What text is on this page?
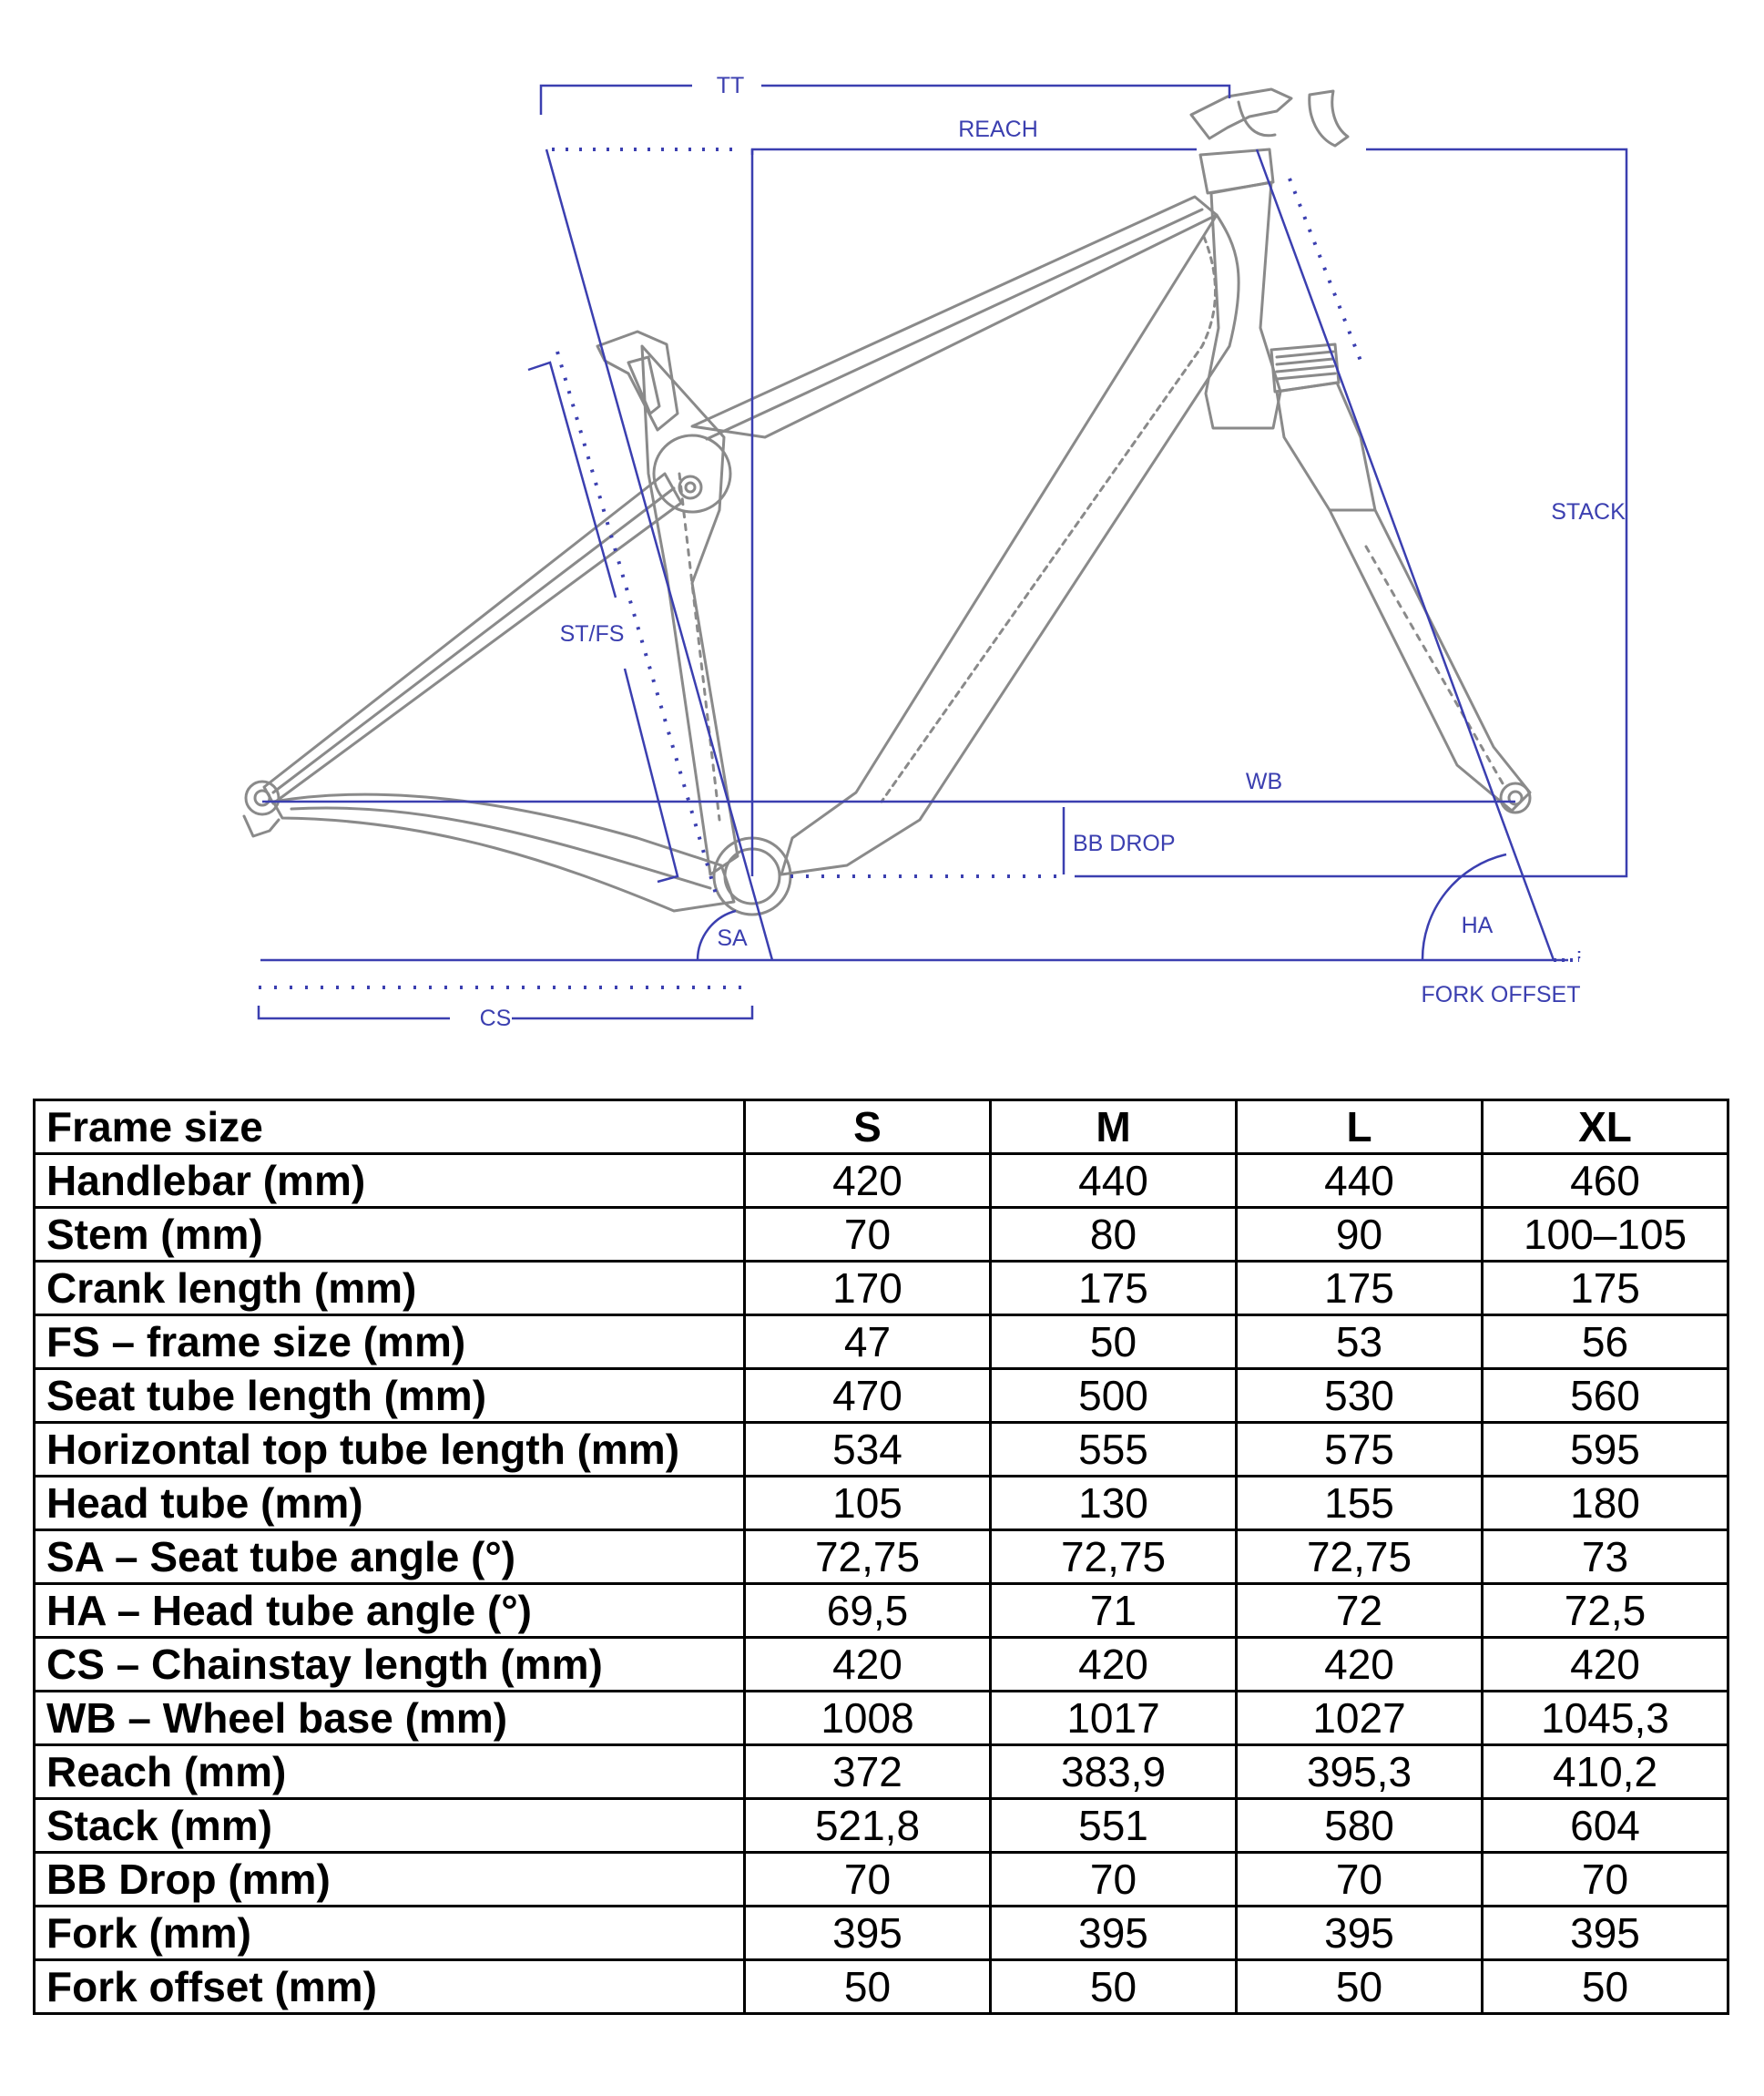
TT
REACH
STACK
ST/FS
WB
BB DROP
SA	HA
FORK OFFSET
CS
Frame size	S	M	L	XL
Handlebar (mm)	420	440	440	460
Stem (mm)	70	80	90	100–105
Crank length (mm)	170	175	175	175
FS – frame size (mm)	47	50	53	56
Seat tube length (mm)	470	500	530	560
Horizontal top tube length (mm)	534	555	575	595
Head tube (mm)	105	130	155	180
SA – Seat tube angle (°)	72,75	72,75	72,75	73
HA – Head tube angle (°)	69,5	71	72	72,5
CS – Chainstay length (mm)	420	420	420	420
WB – Wheel base (mm)	1008	1017	1027	1045,3
Reach (mm)	372	383,9	395,3	410,2
Stack (mm)	521,8	551	580	604
BB Drop (mm)	70	70	70	70
Fork (mm)	395	395	395	395
Fork offset (mm)	50	50	50	50
